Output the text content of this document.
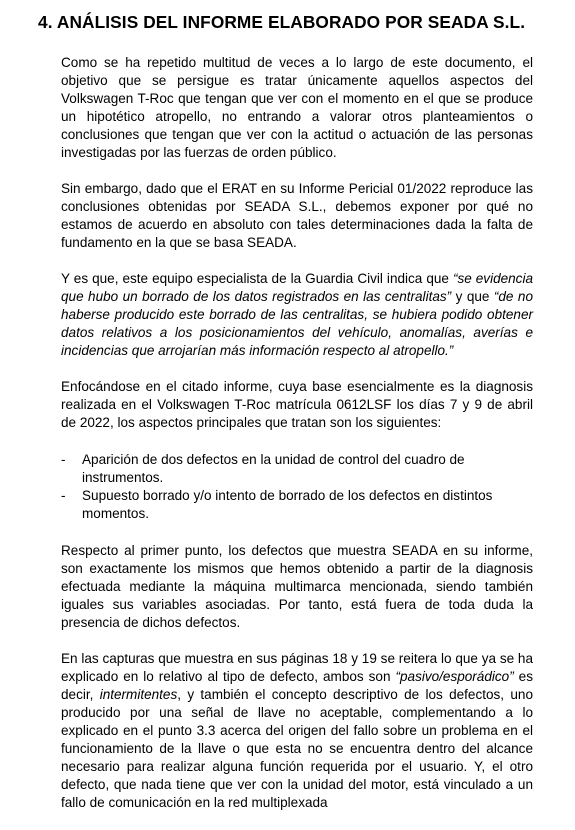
4. ANÁLISIS DEL INFORME ELABORADO POR SEADA S.L.

Como se ha repetido multitud de veces a lo largo de este documento, el objetivo que se persigue es tratar únicamente aquellos aspectos del Volkswagen T-Roc que tengan que ver con el momento en el que se produce un hipotético atropello, no entrando a valorar otros planteamientos o conclusiones que tengan que ver con la actitud o actuación de las personas investigadas por las fuerzas de orden público.

Sin embargo, dado que el ERAT en su Informe Pericial 01/2022 reproduce las conclusiones obtenidas por SEADA S.L., debemos exponer por qué no estamos de acuerdo en absoluto con tales determinaciones dada la falta de fundamento en la que se basa SEADA.

Y es que, este equipo especialista de la Guardia Civil indica que “se evidencia que hubo un borrado de los datos registrados en las centralitas” y que “de no haberse producido este borrado de las centralitas, se hubiera podido obtener datos relativos a los posicionamientos del vehículo, anomalías, averías e incidencias que arrojarían más información respecto al atropello.”

Enfocándose en el citado informe, cuya base esencialmente es la diagnosis realizada en el Volkswagen T-Roc matrícula 0612LSF los días 7 y 9 de abril de 2022, los aspectos principales que tratan son los siguientes:

- Aparición de dos defectos en la unidad de control del cuadro de instrumentos.
- Supuesto borrado y/o intento de borrado de los defectos en distintos momentos.

Respecto al primer punto, los defectos que muestra SEADA en su informe, son exactamente los mismos que hemos obtenido a partir de la diagnosis efectuada mediante la máquina multimarca mencionada, siendo también iguales sus variables asociadas. Por tanto, está fuera de toda duda la presencia de dichos defectos.

En las capturas que muestra en sus páginas 18 y 19 se reitera lo que ya se ha explicado en lo relativo al tipo de defecto, ambos son “pasivo/esporádico” es decir, intermitentes, y también el concepto descriptivo de los defectos, uno producido por una señal de llave no aceptable, complementando a lo explicado en el punto 3.3 acerca del origen del fallo sobre un problema en el funcionamiento de la llave o que esta no se encuentra dentro del alcance necesario para realizar alguna función requerida por el usuario. Y, el otro defecto, que nada tiene que ver con la unidad del motor, está vinculado a un fallo de comunicación en la red multiplexada
